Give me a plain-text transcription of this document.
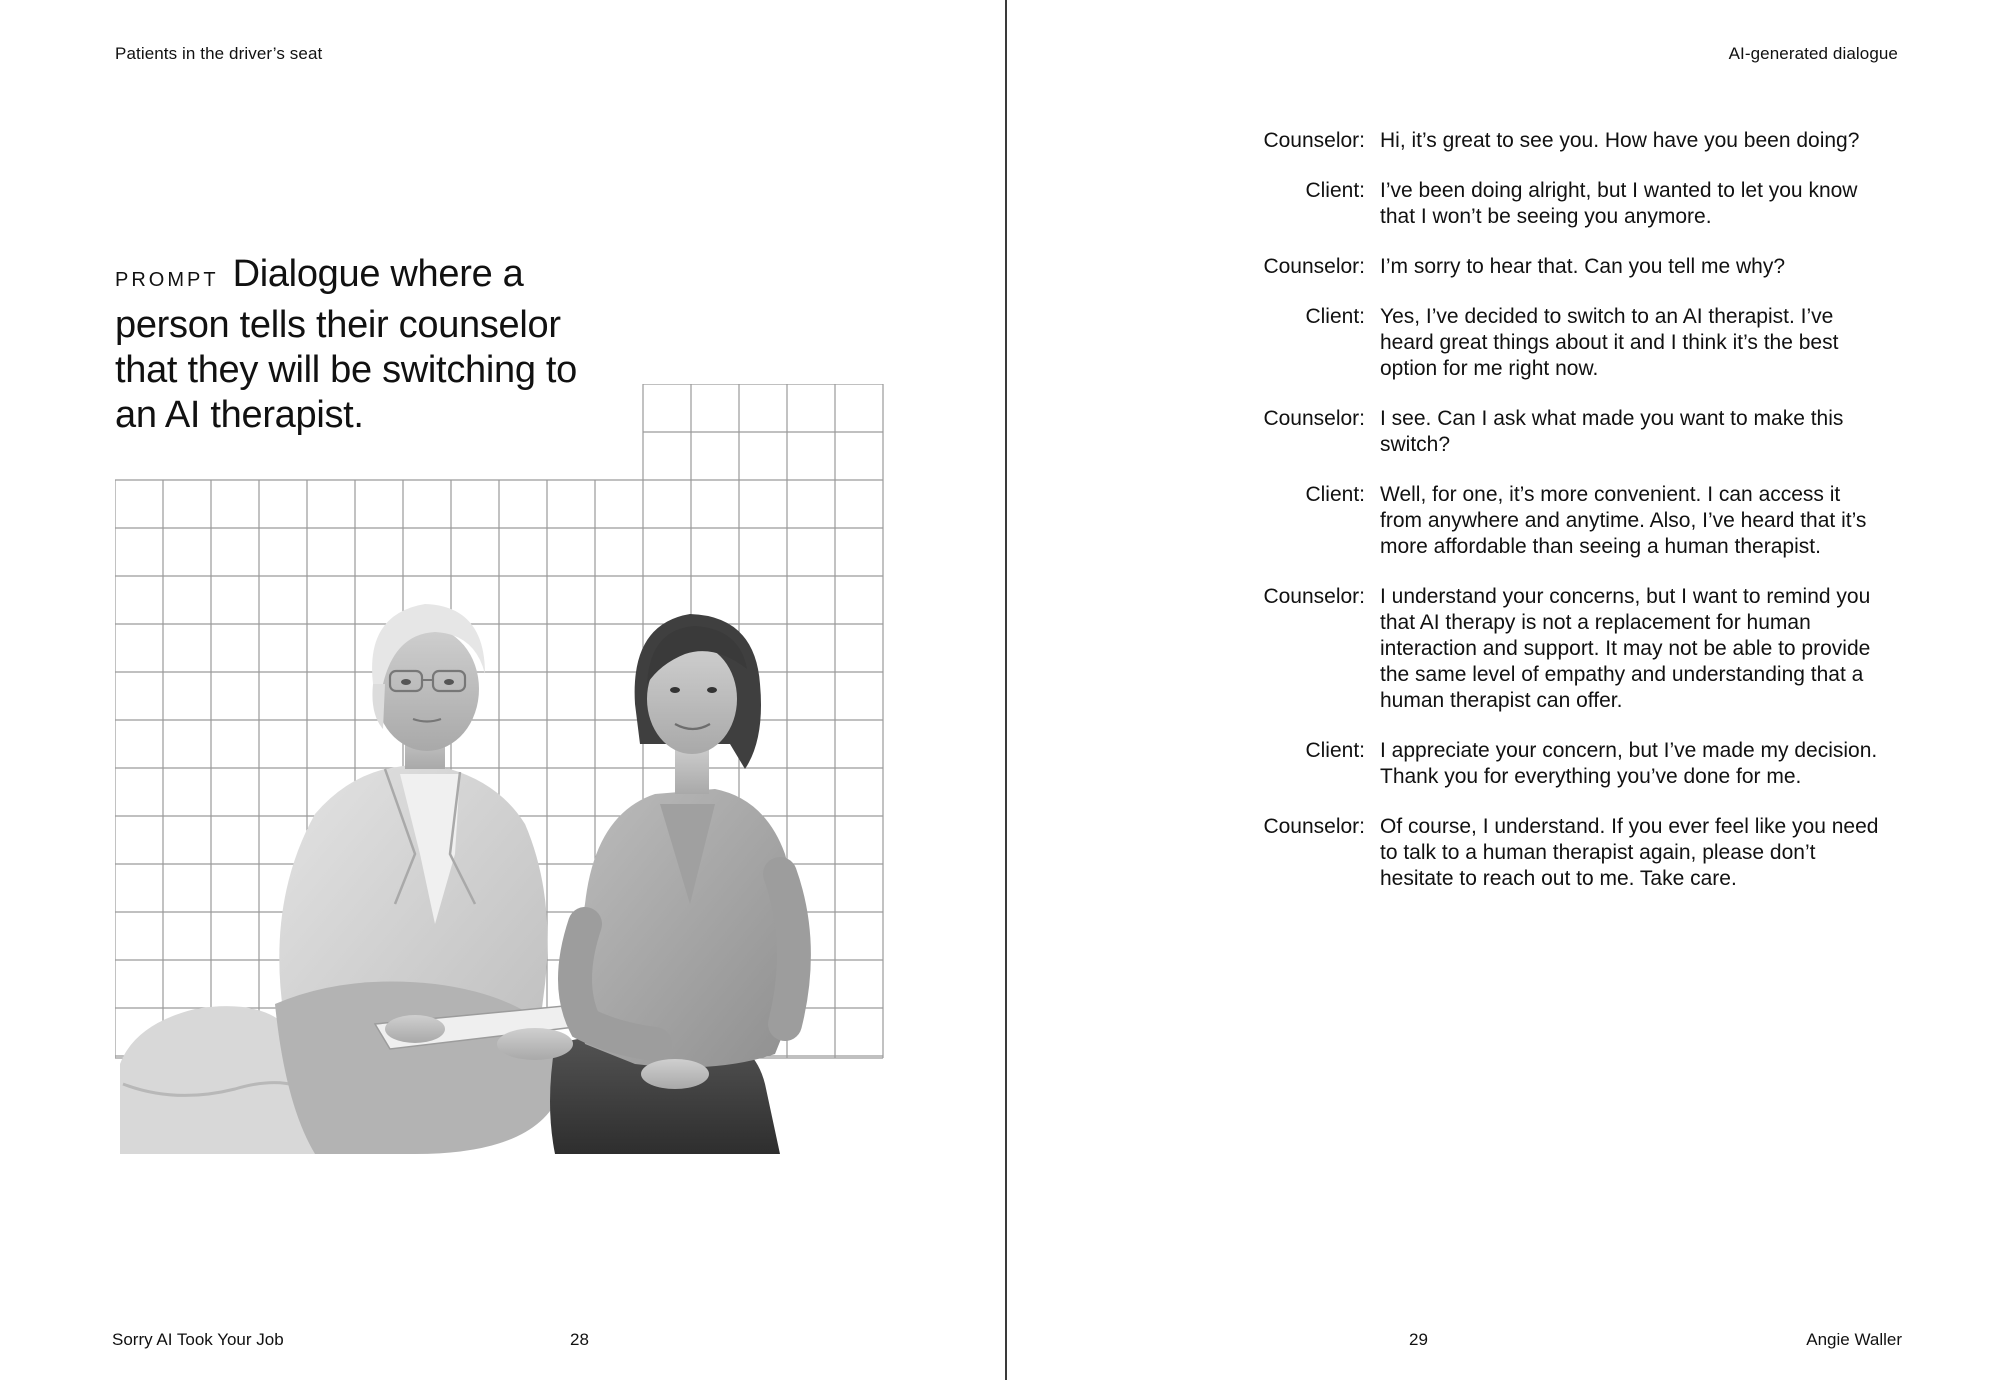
Patients in the driver’s seat
PROMPT Dialogue where a person tells their counselor that they will be switching to an AI therapist.
Sorry AI Took Your Job	28
AI-generated dialogue
Counselor: Hi, it’s great to see you. How have you been doing?
Client: I’ve been doing alright, but I wanted to let you know that I won’t be seeing you anymore.
Counselor: I’m sorry to hear that. Can you tell me why?
Client: Yes, I’ve decided to switch to an AI therapist. I’ve heard great things about it and I think it’s the best option for me right now.
Counselor: I see. Can I ask what made you want to make this switch?
Client: Well, for one, it’s more convenient. I can access it from anywhere and anytime. Also, I’ve heard that it’s more affordable than seeing a human therapist.
Counselor: I understand your concerns, but I want to remind you that AI therapy is not a replacement for human interaction and support. It may not be able to provide the same level of empathy and understanding that a human therapist can offer.
Client: I appreciate your concern, but I’ve made my decision. Thank you for everything you’ve done for me.
Counselor: Of course, I understand. If you ever feel like you need to talk to a human therapist again, please don’t hesitate to reach out to me. Take care.
29	Angie Waller
